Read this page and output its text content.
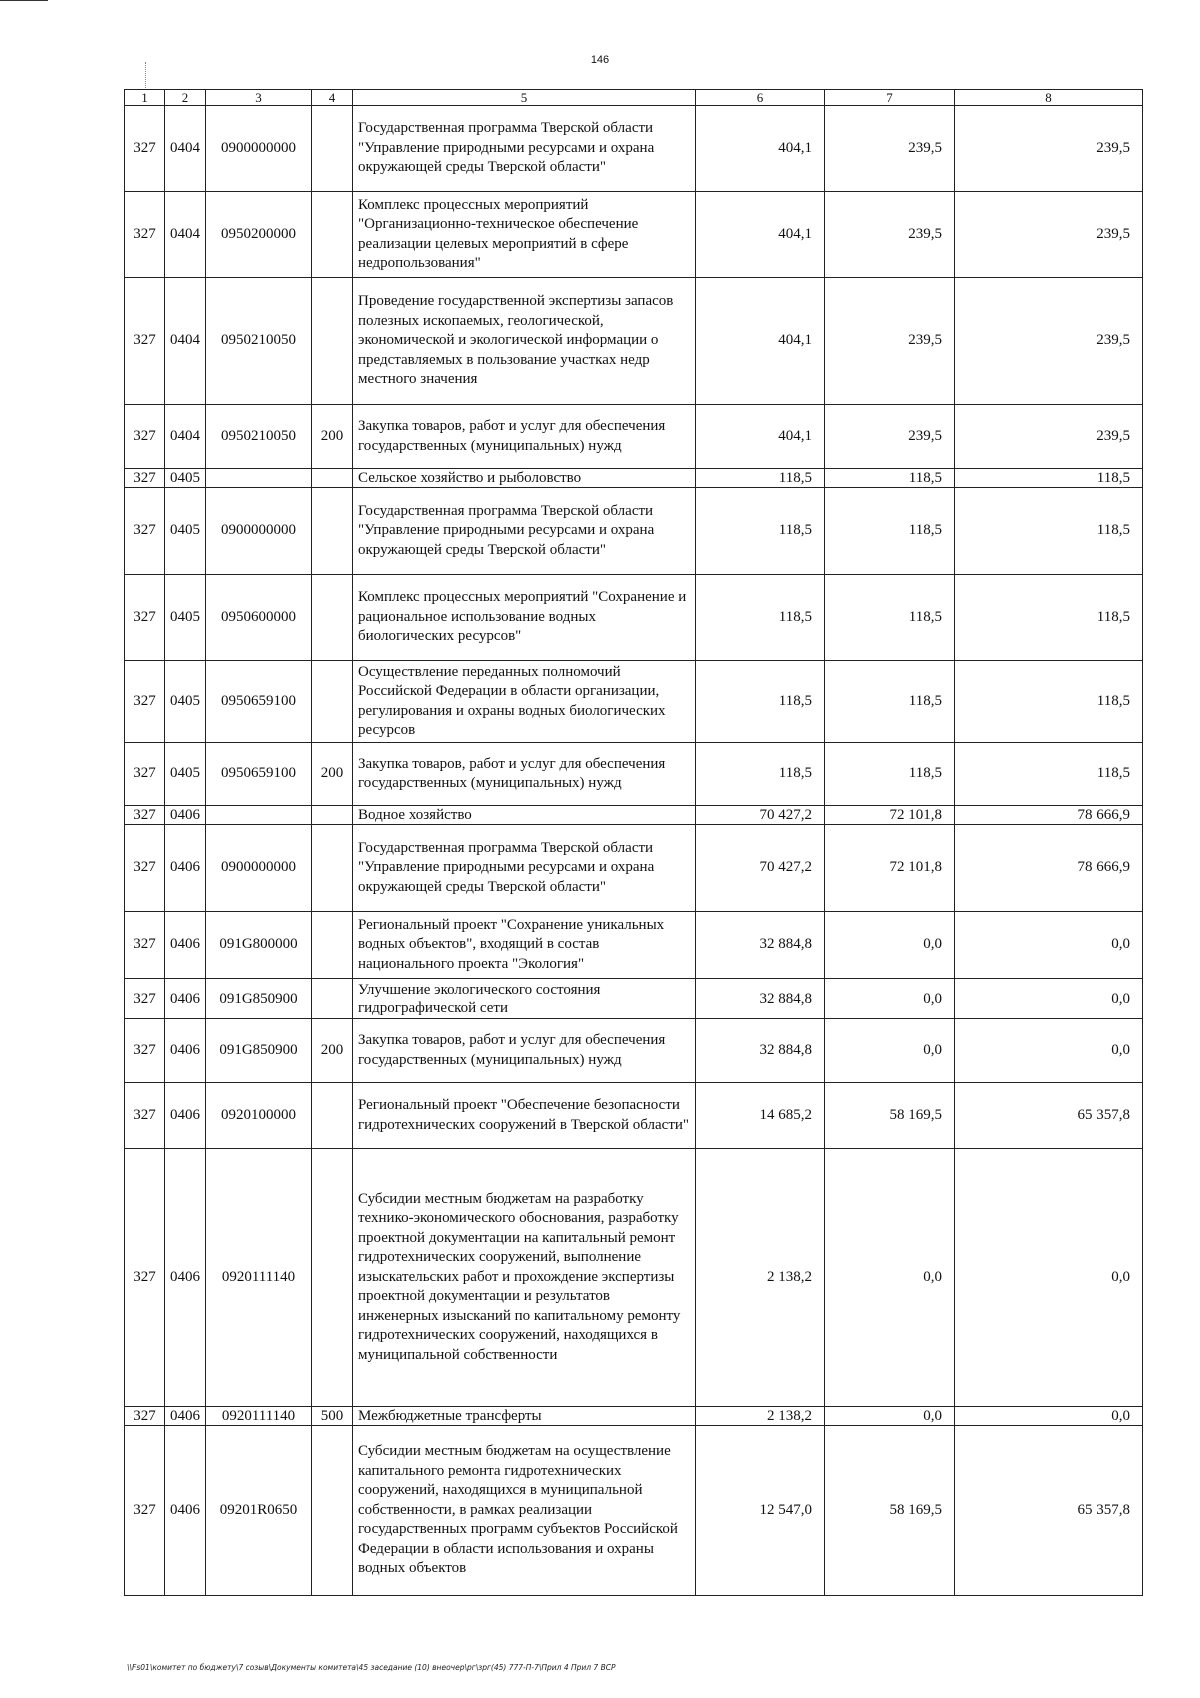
146
1	2	3	4	5	6	7	8
327	0404	0900000000		Государственная программа Тверской области "Управление природными ресурсами и охрана окружающей среды Тверской области"	404,1	239,5	239,5
327	0404	0950200000		Комплекс процессных мероприятий "Организационно-техническое обеспечение реализации целевых мероприятий в сфере недропользования"	404,1	239,5	239,5
327	0404	0950210050		Проведение государственной экспертизы запасов полезных ископаемых, геологической, экономической и экологической информации о представляемых в пользование участках недр местного значения	404,1	239,5	239,5
327	0404	0950210050	200	Закупка товаров, работ и услуг для обеспечения государственных (муниципальных) нужд	404,1	239,5	239,5
327	0405			Сельское хозяйство и рыболовство	118,5	118,5	118,5
327	0405	0900000000		Государственная программа Тверской области "Управление природными ресурсами и охрана окружающей среды Тверской области"	118,5	118,5	118,5
327	0405	0950600000		Комплекс процессных мероприятий "Сохранение и рациональное использование водных биологических ресурсов"	118,5	118,5	118,5
327	0405	0950659100		Осуществление переданных полномочий Российской Федерации в области организации, регулирования и охраны водных биологических ресурсов	118,5	118,5	118,5
327	0405	0950659100	200	Закупка товаров, работ и услуг для обеспечения государственных (муниципальных) нужд	118,5	118,5	118,5
327	0406			Водное хозяйство	70 427,2	72 101,8	78 666,9
327	0406	0900000000		Государственная программа Тверской области "Управление природными ресурсами и охрана окружающей среды Тверской области"	70 427,2	72 101,8	78 666,9
327	0406	091G800000		Региональный проект "Сохранение уникальных водных объектов", входящий в состав национального проекта "Экология"	32 884,8	0,0	0,0
327	0406	091G850900		Улучшение экологического состояния гидрографической сети	32 884,8	0,0	0,0
327	0406	091G850900	200	Закупка товаров, работ и услуг для обеспечения государственных (муниципальных) нужд	32 884,8	0,0	0,0
327	0406	0920100000		Региональный проект "Обеспечение безопасности гидротехнических сооружений в Тверской области"	14 685,2	58 169,5	65 357,8
327	0406	0920111140		Субсидии местным бюджетам на разработку технико-экономического обоснования, разработку проектной документации на капитальный ремонт гидротехнических сооружений, выполнение изыскательских работ и прохождение экспертизы проектной документации и результатов инженерных изысканий по капитальному ремонту гидротехнических сооружений, находящихся в муниципальной собственности	2 138,2	0,0	0,0
327	0406	0920111140	500	Межбюджетные трансферты	2 138,2	0,0	0,0
327	0406	09201R0650		Субсидии местным бюджетам на осуществление капитального ремонта гидротехнических сооружений, находящихся в муниципальной собственности, в рамках реализации государственных программ субъектов Российской Федерации в области использования и охраны водных объектов	12 547,0	58 169,5	65 357,8
\\Fs01\комитет по бюджету\7 созыв\Документы комитета\45 заседание (10) внеочер\рг\зрг(45) 777-П-7\Прил 4 Прил 7 ВСР
